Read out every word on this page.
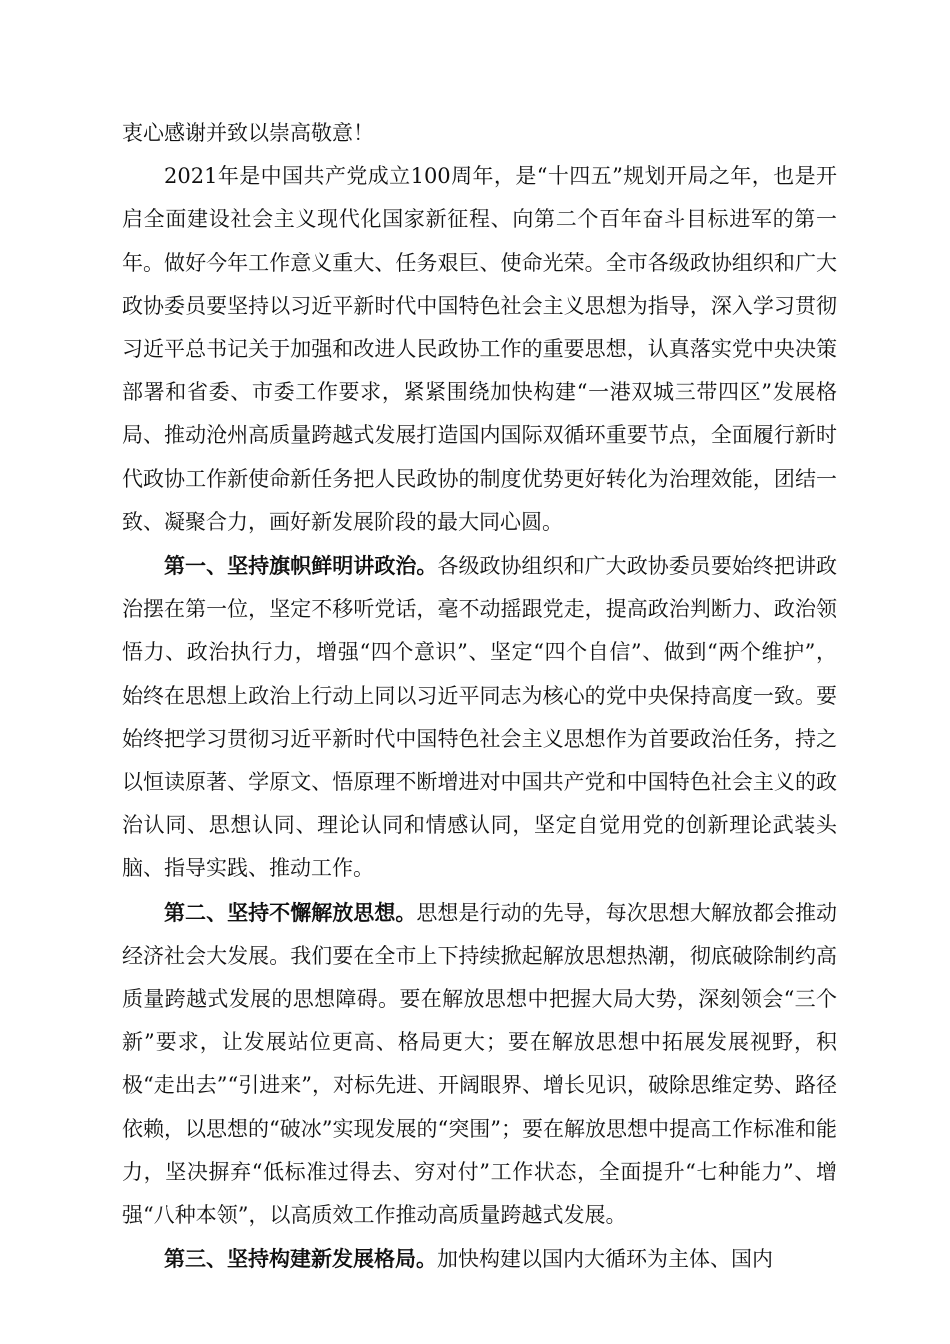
衷心感谢并致以崇高敬意！

2021年是中国共产党成立100周年，是“十四五”规划开局之年，也是开启全面建设社会主义现代化国家新征程、向第二个百年奋斗目标进军的第一年。做好今年工作意义重大、任务艰巨、使命光荣。全市各级政协组织和广大政协委员要坚持以习近平新时代中国特色社会主义思想为指导，深入学习贯彻习近平总书记关于加强和改进人民政协工作的重要思想，认真落实党中央决策部署和省委、市委工作要求，紧紧围绕加快构建“一港双城三带四区”发展格局、推动沧州高质量跨越式发展打造国内国际双循环重要节点，全面履行新时代政协工作新使命新任务把人民政协的制度优势更好转化为治理效能，团结一致、凝聚合力，画好新发展阶段的最大同心圆。

第一、坚持旗帜鲜明讲政治。各级政协组织和广大政协委员要始终把讲政治摆在第一位，坚定不移听党话，毫不动摇跟党走，提高政治判断力、政治领悟力、政治执行力，增强“四个意识”、坚定“四个自信”、做到“两个维护”，始终在思想上政治上行动上同以习近平同志为核心的党中央保持高度一致。要始终把学习贯彻习近平新时代中国特色社会主义思想作为首要政治任务，持之以恒读原著、学原文、悟原理不断增进对中国共产党和中国特色社会主义的政治认同、思想认同、理论认同和情感认同，坚定自觉用党的创新理论武装头脑、指导实践、推动工作。

第二、坚持不懈解放思想。思想是行动的先导，每次思想大解放都会推动经济社会大发展。我们要在全市上下持续掀起解放思想热潮，彻底破除制约高质量跨越式发展的思想障碍。要在解放思想中把握大局大势，深刻领会“三个新”要求，让发展站位更高、格局更大；要在解放思想中拓展发展视野，积极“走出去”“引进来”，对标先进、开阔眼界、增长见识，破除思维定势、路径依赖，以思想的“破冰”实现发展的“突围”；要在解放思想中提高工作标准和能力，坚决摒弃“低标准过得去、穷对付”工作状态，全面提升“七种能力”、增强“八种本领”，以高质效工作推动高质量跨越式发展。

第三、坚持构建新发展格局。加快构建以国内大循环为主体、国内
